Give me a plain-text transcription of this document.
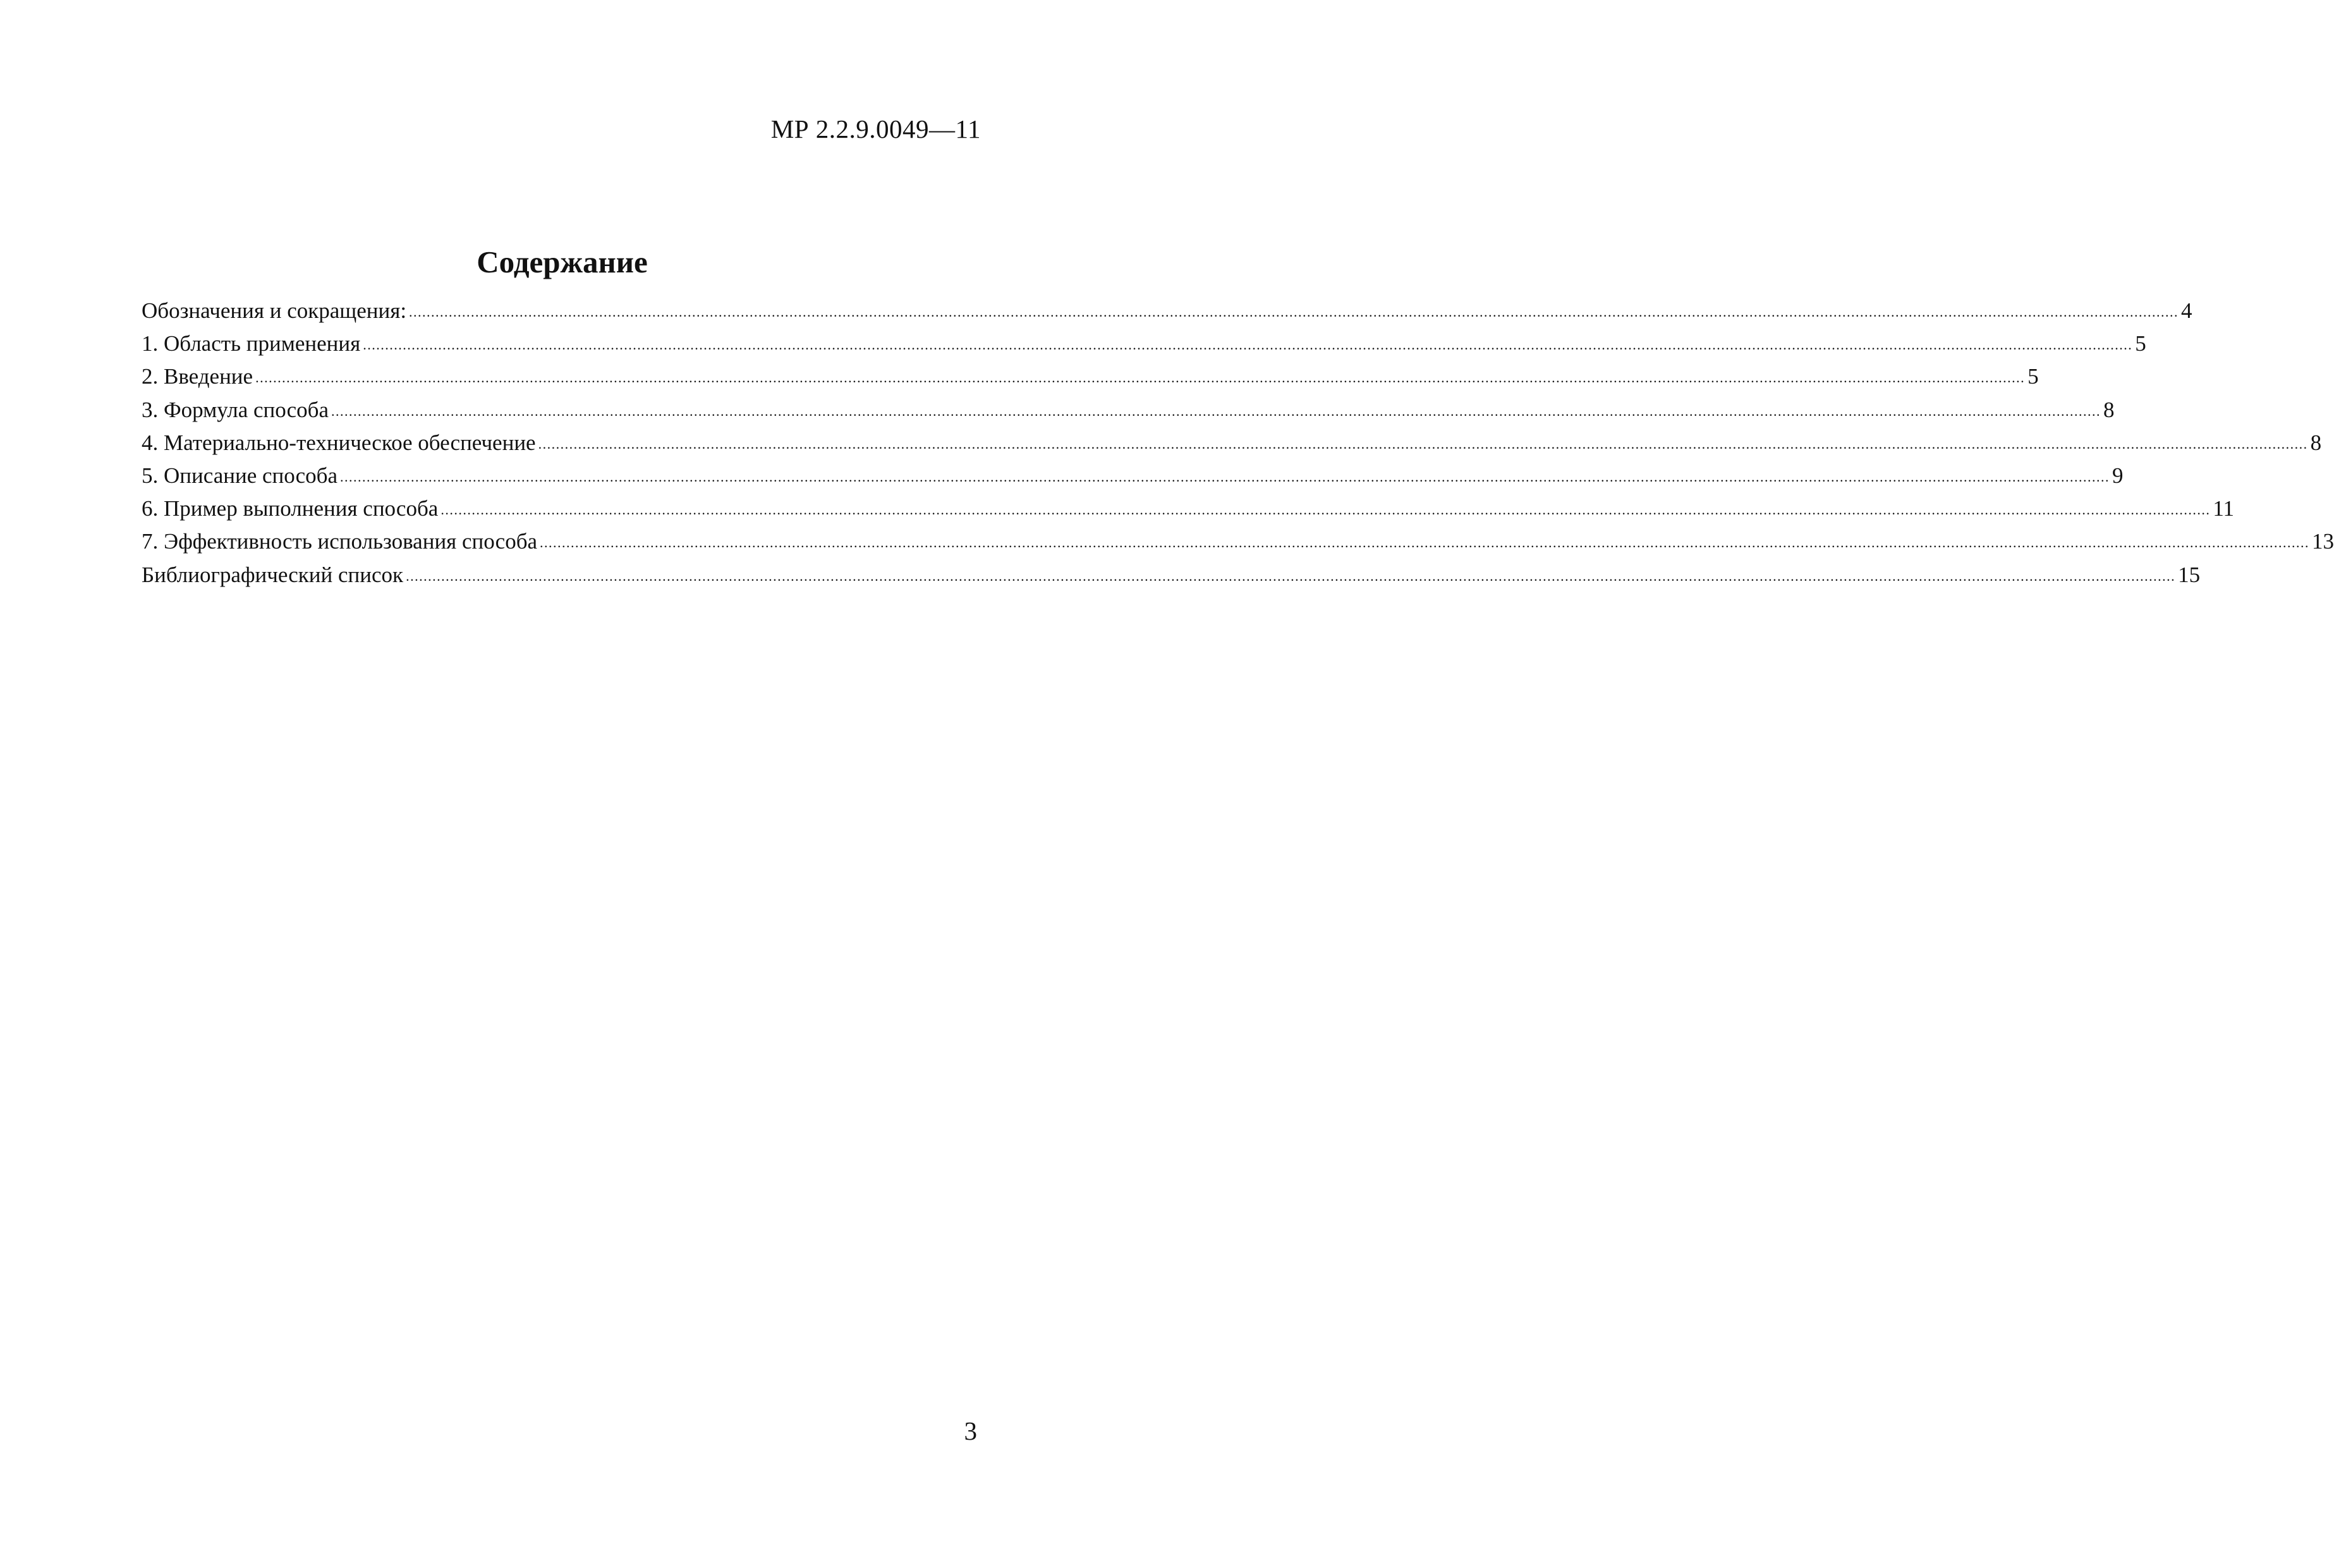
МР 2.2.9.0049—11
Содержание
Обозначения и сокращения: ................................................................................................................................................................................................................................................................................................................................................................................................................ 4
1. Область применения ................................................................................................................................................................................................................................................................................................................................................................................................................ 5
2. Введение ................................................................................................................................................................................................................................................................................................................................................................................................................ 5
3. Формула способа ................................................................................................................................................................................................................................................................................................................................................................................................................ 8
4. Материально-техническое обеспечение ................................................................................................................................................................................................................................................................................................................................................................................................................ 8
5. Описание способа ................................................................................................................................................................................................................................................................................................................................................................................................................ 9
6. Пример выполнения способа ................................................................................................................................................................................................................................................................................................................................................................................................................ 11
7. Эффективность использования способа ................................................................................................................................................................................................................................................................................................................................................................................................................ 13
Библиографический список ................................................................................................................................................................................................................................................................................................................................................................................................................ 15
3
